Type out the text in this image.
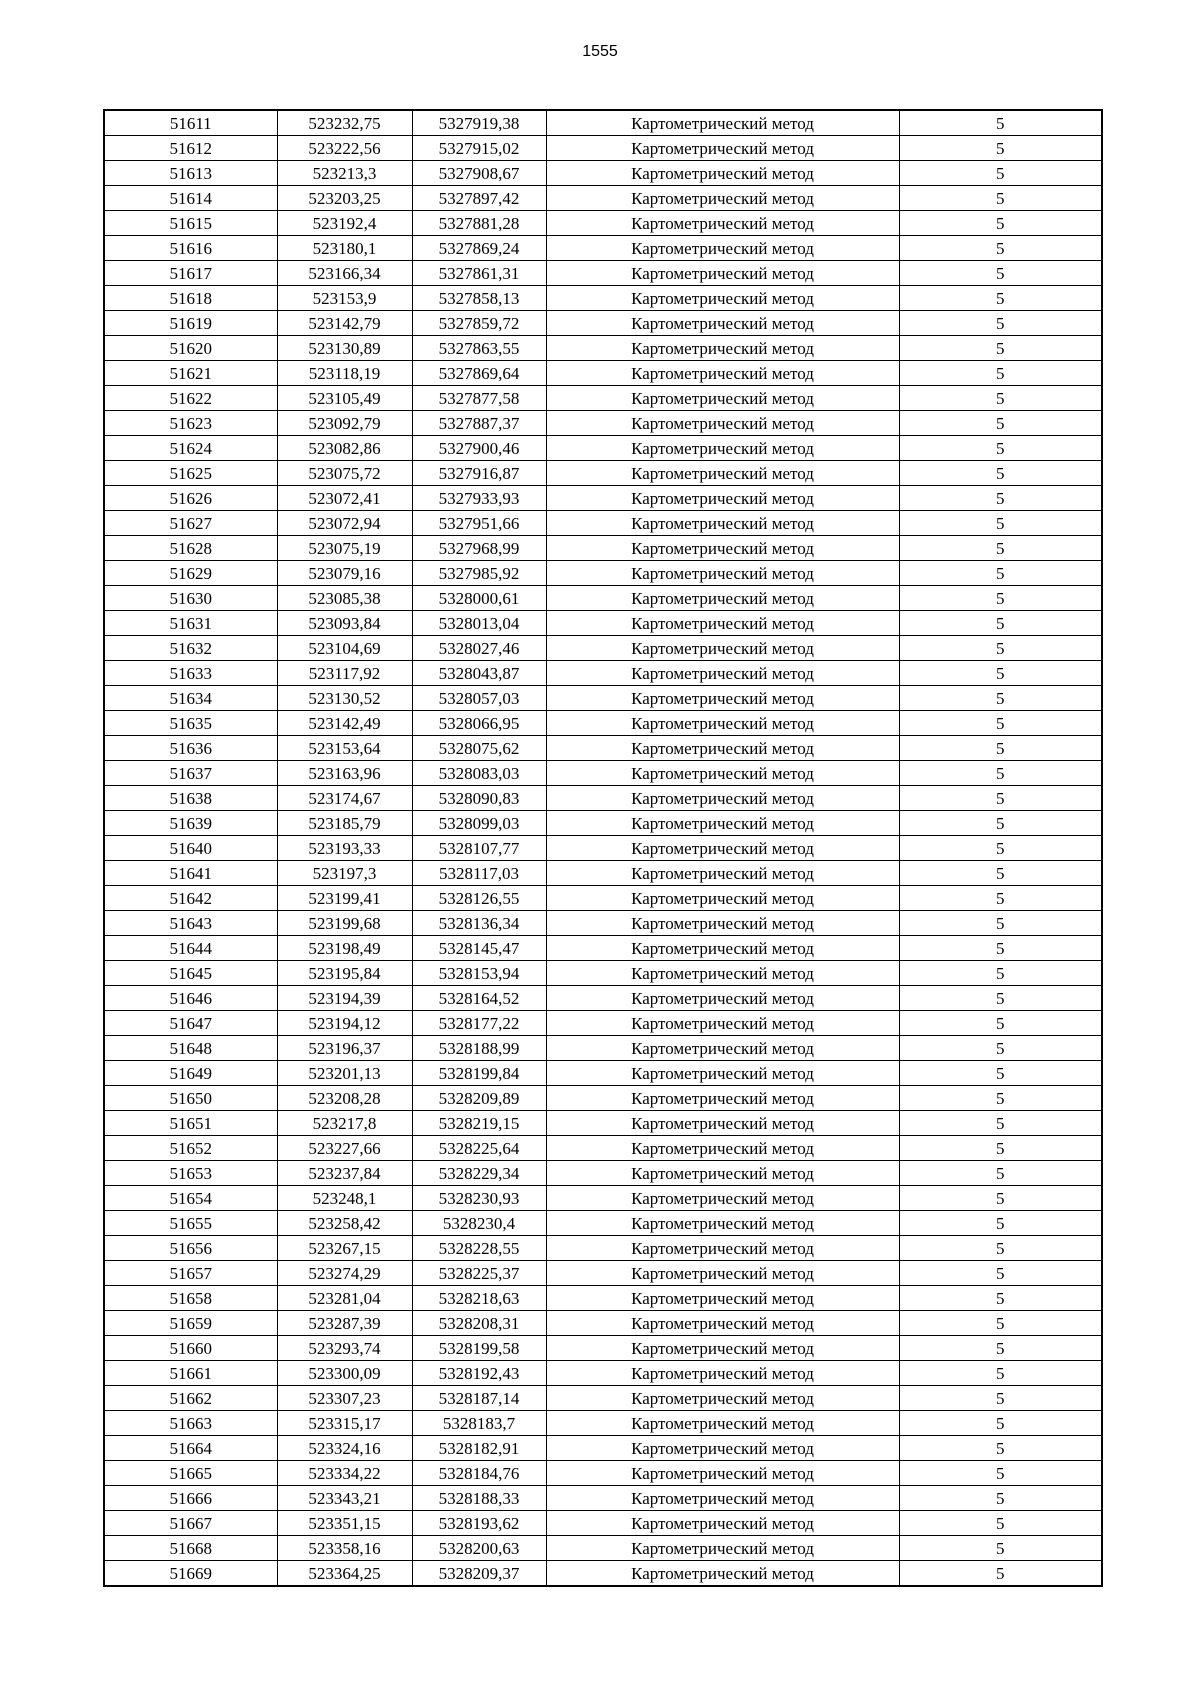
1555
51611	523232,75	5327919,38	Картометрический метод	5
51612	523222,56	5327915,02	Картометрический метод	5
51613	523213,3	5327908,67	Картометрический метод	5
51614	523203,25	5327897,42	Картометрический метод	5
51615	523192,4	5327881,28	Картометрический метод	5
51616	523180,1	5327869,24	Картометрический метод	5
51617	523166,34	5327861,31	Картометрический метод	5
51618	523153,9	5327858,13	Картометрический метод	5
51619	523142,79	5327859,72	Картометрический метод	5
51620	523130,89	5327863,55	Картометрический метод	5
51621	523118,19	5327869,64	Картометрический метод	5
51622	523105,49	5327877,58	Картометрический метод	5
51623	523092,79	5327887,37	Картометрический метод	5
51624	523082,86	5327900,46	Картометрический метод	5
51625	523075,72	5327916,87	Картометрический метод	5
51626	523072,41	5327933,93	Картометрический метод	5
51627	523072,94	5327951,66	Картометрический метод	5
51628	523075,19	5327968,99	Картометрический метод	5
51629	523079,16	5327985,92	Картометрический метод	5
51630	523085,38	5328000,61	Картометрический метод	5
51631	523093,84	5328013,04	Картометрический метод	5
51632	523104,69	5328027,46	Картометрический метод	5
51633	523117,92	5328043,87	Картометрический метод	5
51634	523130,52	5328057,03	Картометрический метод	5
51635	523142,49	5328066,95	Картометрический метод	5
51636	523153,64	5328075,62	Картометрический метод	5
51637	523163,96	5328083,03	Картометрический метод	5
51638	523174,67	5328090,83	Картометрический метод	5
51639	523185,79	5328099,03	Картометрический метод	5
51640	523193,33	5328107,77	Картометрический метод	5
51641	523197,3	5328117,03	Картометрический метод	5
51642	523199,41	5328126,55	Картометрический метод	5
51643	523199,68	5328136,34	Картометрический метод	5
51644	523198,49	5328145,47	Картометрический метод	5
51645	523195,84	5328153,94	Картометрический метод	5
51646	523194,39	5328164,52	Картометрический метод	5
51647	523194,12	5328177,22	Картометрический метод	5
51648	523196,37	5328188,99	Картометрический метод	5
51649	523201,13	5328199,84	Картометрический метод	5
51650	523208,28	5328209,89	Картометрический метод	5
51651	523217,8	5328219,15	Картометрический метод	5
51652	523227,66	5328225,64	Картометрический метод	5
51653	523237,84	5328229,34	Картометрический метод	5
51654	523248,1	5328230,93	Картометрический метод	5
51655	523258,42	5328230,4	Картометрический метод	5
51656	523267,15	5328228,55	Картометрический метод	5
51657	523274,29	5328225,37	Картометрический метод	5
51658	523281,04	5328218,63	Картометрический метод	5
51659	523287,39	5328208,31	Картометрический метод	5
51660	523293,74	5328199,58	Картометрический метод	5
51661	523300,09	5328192,43	Картометрический метод	5
51662	523307,23	5328187,14	Картометрический метод	5
51663	523315,17	5328183,7	Картометрический метод	5
51664	523324,16	5328182,91	Картометрический метод	5
51665	523334,22	5328184,76	Картометрический метод	5
51666	523343,21	5328188,33	Картометрический метод	5
51667	523351,15	5328193,62	Картометрический метод	5
51668	523358,16	5328200,63	Картометрический метод	5
51669	523364,25	5328209,37	Картометрический метод	5
